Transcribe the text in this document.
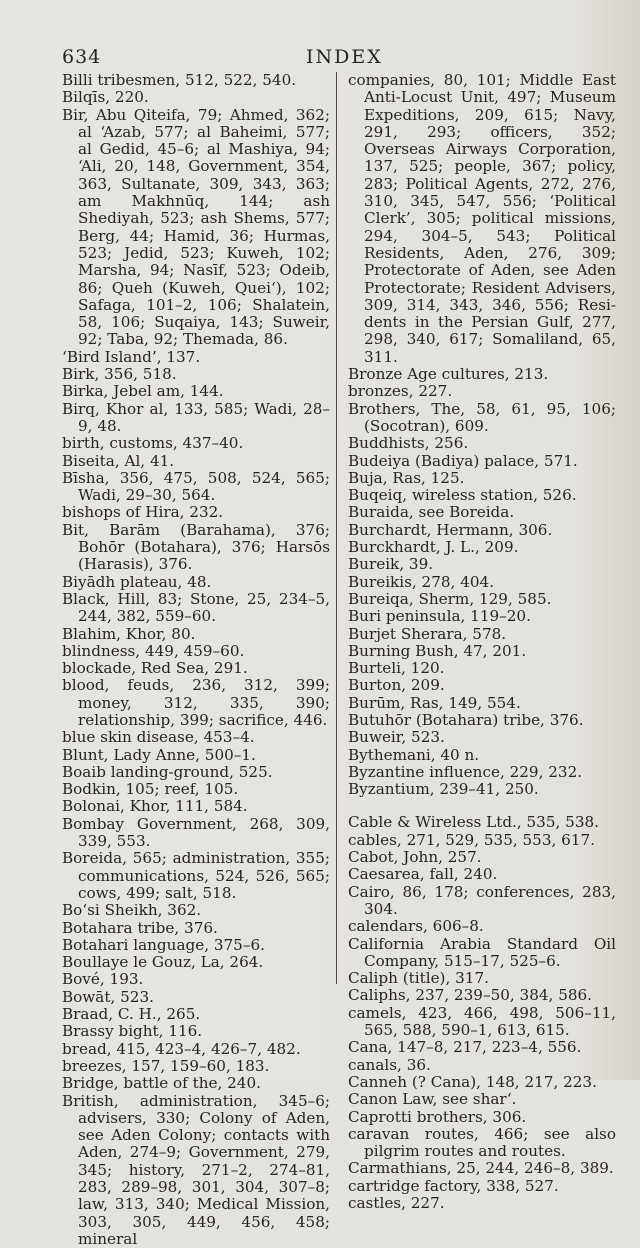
634	INDEX
Billi tribesmen, 512, 522, 540.
Bilqīs, 220.
Bir, Abu Qiteifa, 79; Ahmed, 362; al ‘Azab, 577; al Baheimi, 577; al Gedid, 45–6; al Mashiya, 94; ‘Ali, 20, 148, Government, 354, 363, Sultanate, 309, 343, 363; am Makhnūq, 144; ash Shediyah, 523; ash Shems, 577; Berg, 44; Hamid, 36; Hurmas, 523; Jedid, 523; Kuweh, 102; Marsha, 94; Nasīf, 523; Odeib, 86; Queh (Kuweh, Quei‘), 102; Safaga, 101–2, 106; Shalatein, 58, 106; Suqaiya, 143; Suweir, 92; Taba, 92; Themada, 86.
‘Bird Island’, 137.
Birk, 356, 518.
Birka, Jebel am, 144.
Birq, Khor al, 133, 585; Wadi, 28–9, 48.
birth, customs, 437–40.
Biseita, Al, 41.
Bīsha, 356, 475, 508, 524, 565; Wadi, 29–30, 564.
bishops of Hira, 232.
Bit, Barām (Barahama), 376; Bohōr (Botahara), 376; Harsōs (Harasis), 376.
Biyādh plateau, 48.
Black, Hill, 83; Stone, 25, 234–5, 244, 382, 559–60.
Blahim, Khor, 80.
blindness, 449, 459–60.
blockade, Red Sea, 291.
blood, feuds, 236, 312, 399; money, 312, 335, 390; relationship, 399; sacrifice, 446.
blue skin disease, 453–4.
Blunt, Lady Anne, 500–1.
Boaib landing-ground, 525.
Bodkin, 105; reef, 105.
Bolonai, Khor, 111, 584.
Bombay Government, 268, 309, 339, 553.
Boreida, 565; administration, 355; communications, 524, 526, 565; cows, 499; salt, 518.
Bo‘si Sheikh, 362.
Botahara tribe, 376.
Botahari language, 375–6.
Boullaye le Gouz, La, 264.
Bové, 193.
Bowāt, 523.
Braad, C. H., 265.
Brassy bight, 116.
bread, 415, 423–4, 426–7, 482.
breezes, 157, 159–60, 183.
Bridge, battle of the, 240.
British, administration, 345–6; advisers, 330; Colony of Aden, see Aden Colony; contacts with Aden, 274–9; Government, 279, 345; history, 271–2, 274–81, 283, 289–98, 301, 304, 307–8; law, 313, 340; Medical Mission, 303, 305, 449, 456, 458; mineral
companies, 80, 101; Middle East Anti-Locust Unit, 497; Museum Expeditions, 209, 615; Navy, 291, 293; officers, 352; Overseas Airways Corporation, 137, 525; people, 367; policy, 283; Political Agents, 272, 276, 310, 345, 547, 556; ‘Political Clerk’, 305; political missions, 294, 304–5, 543; Political Residents, Aden, 276, 309; Protectorate of Aden, see Aden Protectorate; Resident Advisers, 309, 314, 343, 346, 556; Residents in the Persian Gulf, 277, 298, 340, 617; Somaliland, 65, 311.
Bronze Age cultures, 213.
bronzes, 227.
Brothers, The, 58, 61, 95, 106; (Socotran), 609.
Buddhists, 256.
Budeiya (Badiya) palace, 571.
Buja, Ras, 125.
Buqeiq, wireless station, 526.
Buraida, see Boreida.
Burchardt, Hermann, 306.
Burckhardt, J. L., 209.
Bureik, 39.
Bureikis, 278, 404.
Bureiqa, Sherm, 129, 585.
Buri peninsula, 119–20.
Burjet Sherara, 578.
Burning Bush, 47, 201.
Burteli, 120.
Burton, 209.
Burūm, Ras, 149, 554.
Butuhōr (Botahara) tribe, 376.
Buweir, 523.
Bythemani, 40 n.
Byzantine influence, 229, 232.
Byzantium, 239–41, 250.
Cable & Wireless Ltd., 535, 538.
cables, 271, 529, 535, 553, 617.
Cabot, John, 257.
Caesarea, fall, 240.
Cairo, 86, 178; conferences, 283, 304.
calendars, 606–8.
California Arabia Standard Oil Company, 515–17, 525–6.
Caliph (title), 317.
Caliphs, 237, 239–50, 384, 586.
camels, 423, 466, 498, 506–11, 565, 588, 590–1, 613, 615.
Cana, 147–8, 217, 223–4, 556.
canals, 36.
Canneh (? Cana), 148, 217, 223.
Canon Law, see shar‘.
Caprotti brothers, 306.
caravan routes, 466; see also pilgrim routes and routes.
Carmathians, 25, 244, 246–8, 389.
cartridge factory, 338, 527.
castles, 227.
